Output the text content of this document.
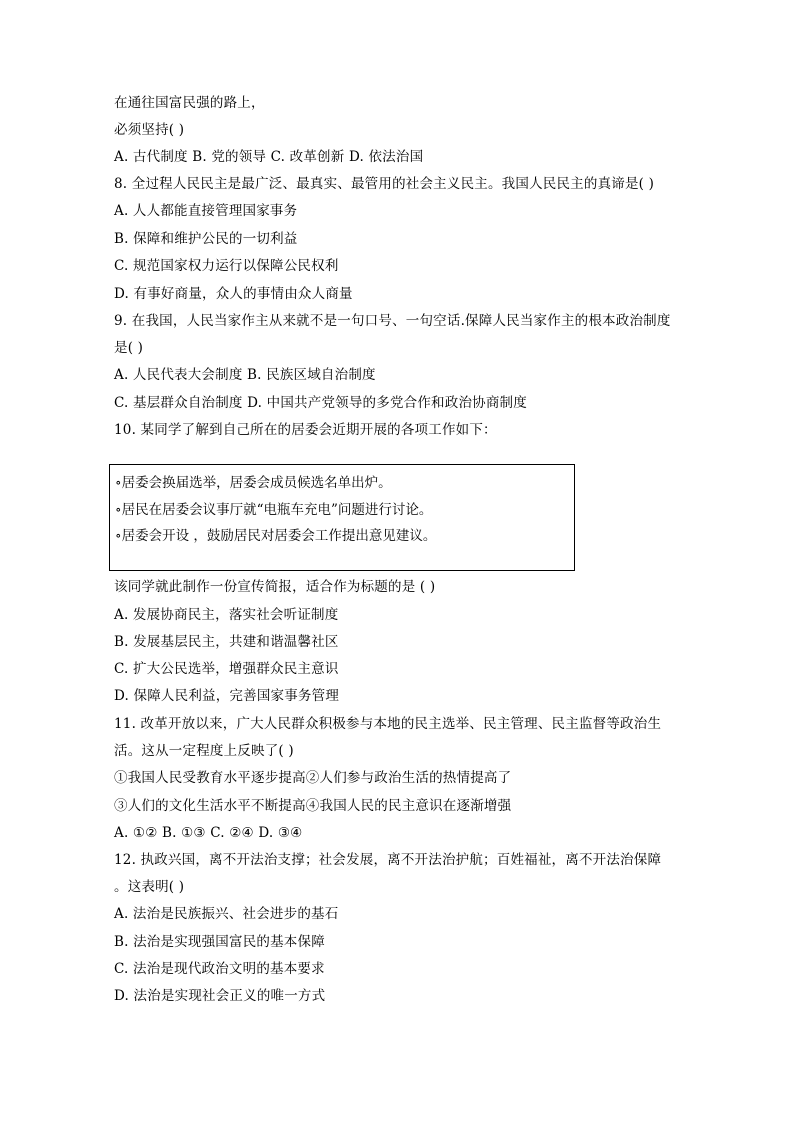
在通往国富民强的路上，
必须坚持( )
A. 古代制度 B. 党的领导 C. 改革创新 D. 依法治国
8. 全过程人民民主是最广泛、最真实、最管用的社会主义民主。我国人民民主的真谛是( )
A. 人人都能直接管理国家事务
B. 保障和维护公民的一切利益
C. 规范国家权力运行以保障公民权利
D. 有事好商量，众人的事情由众人商量
9. 在我国，人民当家作主从来就不是一句口号、一句空话.保障人民当家作主的根本政治制度
是( )
A. 人民代表大会制度 B. 民族区域自治制度
C. 基层群众自治制度 D. 中国共产党领导的多党合作和政治协商制度
10. 某同学了解到自己所在的居委会近期开展的各项工作如下：
∘居委会换届选举，居委会成员候选名单出炉。
∘居民在居委会议事厅就“电瓶车充电”问题进行讨论。
∘居委会开设 ，鼓励居民对居委会工作提出意见建议。
该同学就此制作一份宣传简报，适合作为标题的是 ( )
A. 发展协商民主，落实社会听证制度
B. 发展基层民主，共建和谐温馨社区
C. 扩大公民选举，增强群众民主意识
D. 保障人民利益，完善国家事务管理
11. 改革开放以来，广大人民群众积极参与本地的民主选举、民主管理、民主监督等政治生
活。这从一定程度上反映了( )
①我国人民受教育水平逐步提高②人们参与政治生活的热情提高了
③人们的文化生活水平不断提高④我国人民的民主意识在逐渐增强
A. ①② B. ①③ C. ②④ D. ③④
12. 执政兴国，离不开法治支撑；社会发展，离不开法治护航；百姓福祉，离不开法治保障
。这表明( )
A. 法治是民族振兴、社会进步的基石
B. 法治是实现强国富民的基本保障
C. 法治是现代政治文明的基本要求
D. 法治是实现社会正义的唯一方式
